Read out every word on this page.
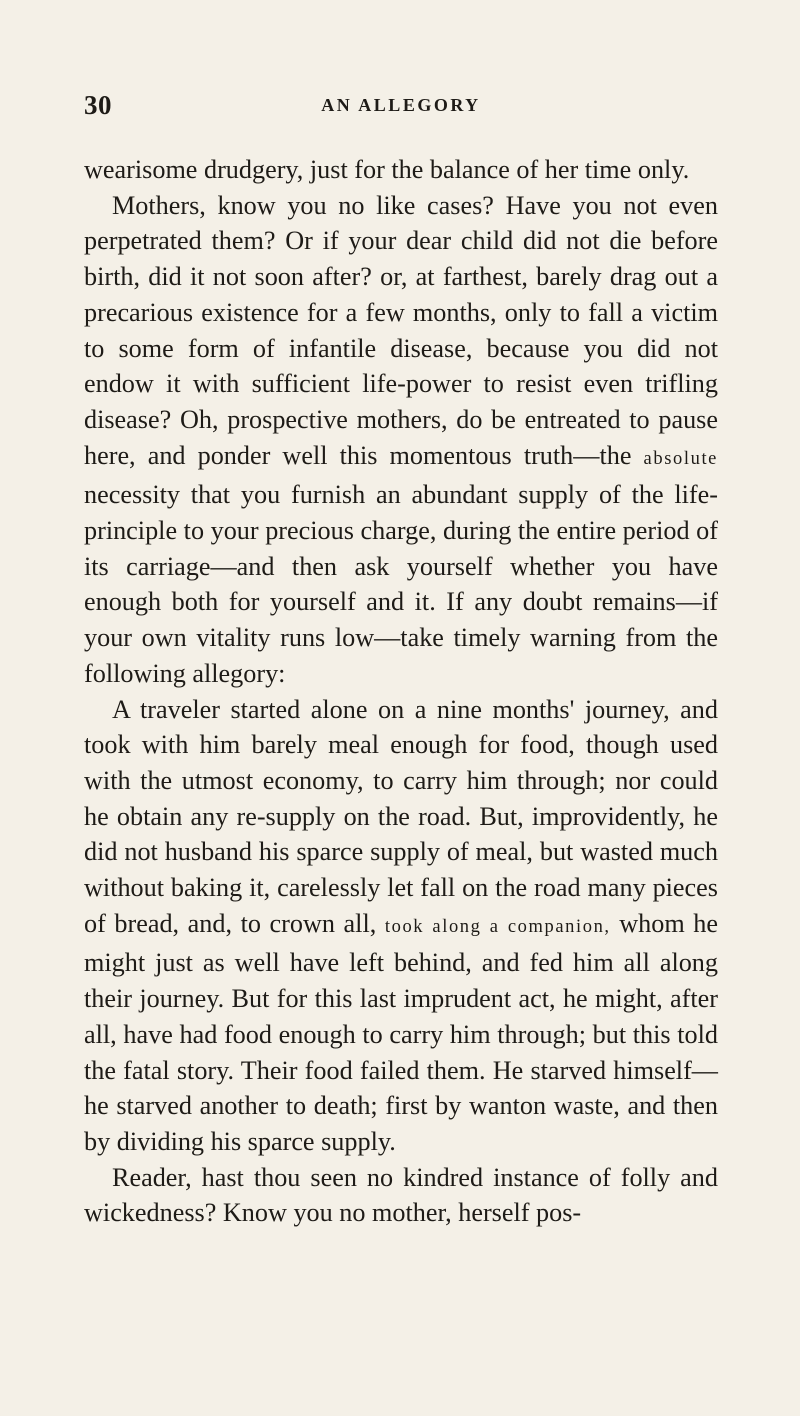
30	AN ALLEGORY

wearisome drudgery, just for the balance of her time only.

Mothers, know you no like cases? Have you not even perpetrated them? Or if your dear child did not die before birth, did it not soon after? or, at farthest, barely drag out a precarious existence for a few months, only to fall a victim to some form of infantile disease, because you did not endow it with sufficient life-power to resist even trifling disease? Oh, prospective mothers, do be entreated to pause here, and ponder well this momentous truth—the absolute necessity that you furnish an abundant supply of the life-principle to your precious charge, during the entire period of its carriage—and then ask yourself whether you have enough both for yourself and it. If any doubt remains—if your own vitality runs low—take timely warning from the following allegory:

A traveler started alone on a nine months' journey, and took with him barely meal enough for food, though used with the utmost economy, to carry him through; nor could he obtain any re-supply on the road. But, improvidently, he did not husband his sparce supply of meal, but wasted much without baking it, carelessly let fall on the road many pieces of bread, and, to crown all, took along a companion, whom he might just as well have left behind, and fed him all along their journey. But for this last imprudent act, he might, after all, have had food enough to carry him through; but this told the fatal story. Their food failed them. He starved himself—he starved another to death; first by wanton waste, and then by dividing his sparce supply.

Reader, hast thou seen no kindred instance of folly and wickedness? Know you no mother, herself pos-
